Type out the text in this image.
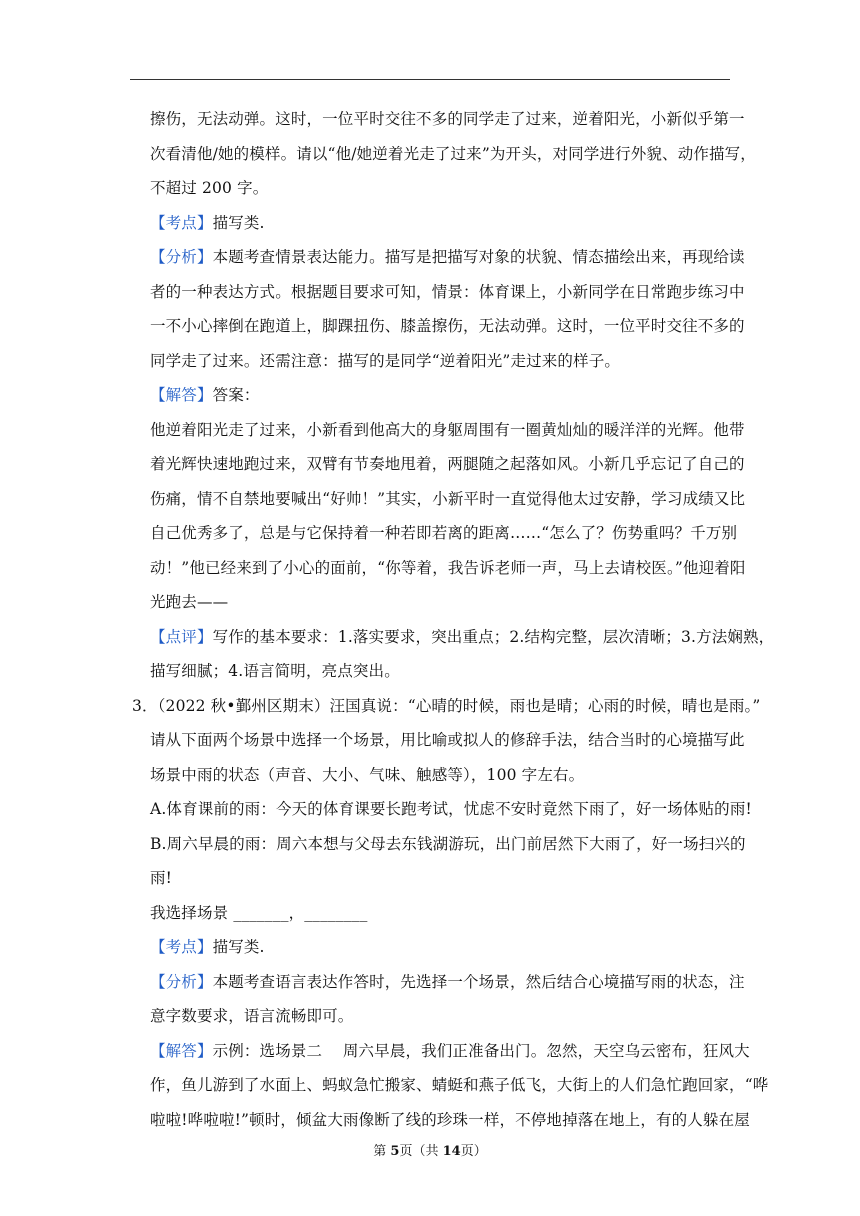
擦伤，无法动弹。这时，一位平时交往不多的同学走了过来，逆着阳光，小新似乎第一
次看清他/她的模样。请以“他/她逆着光走了过来”为开头，对同学进行外貌、动作描写，
不超过 200 字。
【考点】描写类.
【分析】本题考查情景表达能力。描写是把描写对象的状貌、情态描绘出来，再现给读
者的一种表达方式。根据题目要求可知，情景：体育课上，小新同学在日常跑步练习中
一不小心摔倒在跑道上，脚踝扭伤、膝盖擦伤，无法动弹。这时，一位平时交往不多的
同学走了过来。还需注意：描写的是同学“逆着阳光”走过来的样子。
【解答】答案：
他逆着阳光走了过来，小新看到他高大的身躯周围有一圈黄灿灿的暖洋洋的光辉。他带
着光辉快速地跑过来，双臂有节奏地甩着，两腿随之起落如风。小新几乎忘记了自己的
伤痛，情不自禁地要喊出“好帅！”其实，小新平时一直觉得他太过安静，学习成绩又比
自己优秀多了，总是与它保持着一种若即若离的距离……“怎么了？伤势重吗？千万别
动！”他已经来到了小心的面前，“你等着，我告诉老师一声，马上去请校医。”他迎着阳
光跑去——
【点评】写作的基本要求：1.落实要求，突出重点；2.结构完整，层次清晰；3.方法娴熟，
描写细腻；4.语言简明，亮点突出。
3．（2022 秋•鄞州区期末）汪国真说：“心晴的时候，雨也是晴；心雨的时候，晴也是雨。”
请从下面两个场景中选择一个场景，用比喻或拟人的修辞手法，结合当时的心境描写此
场景中雨的状态（声音、大小、气味、触感等），100 字左右。
A.体育课前的雨：今天的体育课要长跑考试，忧虑不安时竟然下雨了，好一场体贴的雨!
B.周六早晨的雨：周六本想与父母去东钱湖游玩，出门前居然下大雨了，好一场扫兴的
雨!
我选择场景 _______，________
【考点】描写类.
【分析】本题考查语言表达作答时，先选择一个场景，然后结合心境描写雨的状态，注
意字数要求，语言流畅即可。
【解答】示例：选场景二　 周六早晨，我们正准备出门。忽然，天空乌云密布，狂风大
作，鱼儿游到了水面上、蚂蚁急忙搬家、蜻蜓和燕子低飞，大街上的人们急忙跑回家，“哗
啦啦!哗啦啦!”顿时，倾盆大雨像断了线的珍珠一样，不停地掉落在地上，有的人躲在屋
第 5页（共 14页）
